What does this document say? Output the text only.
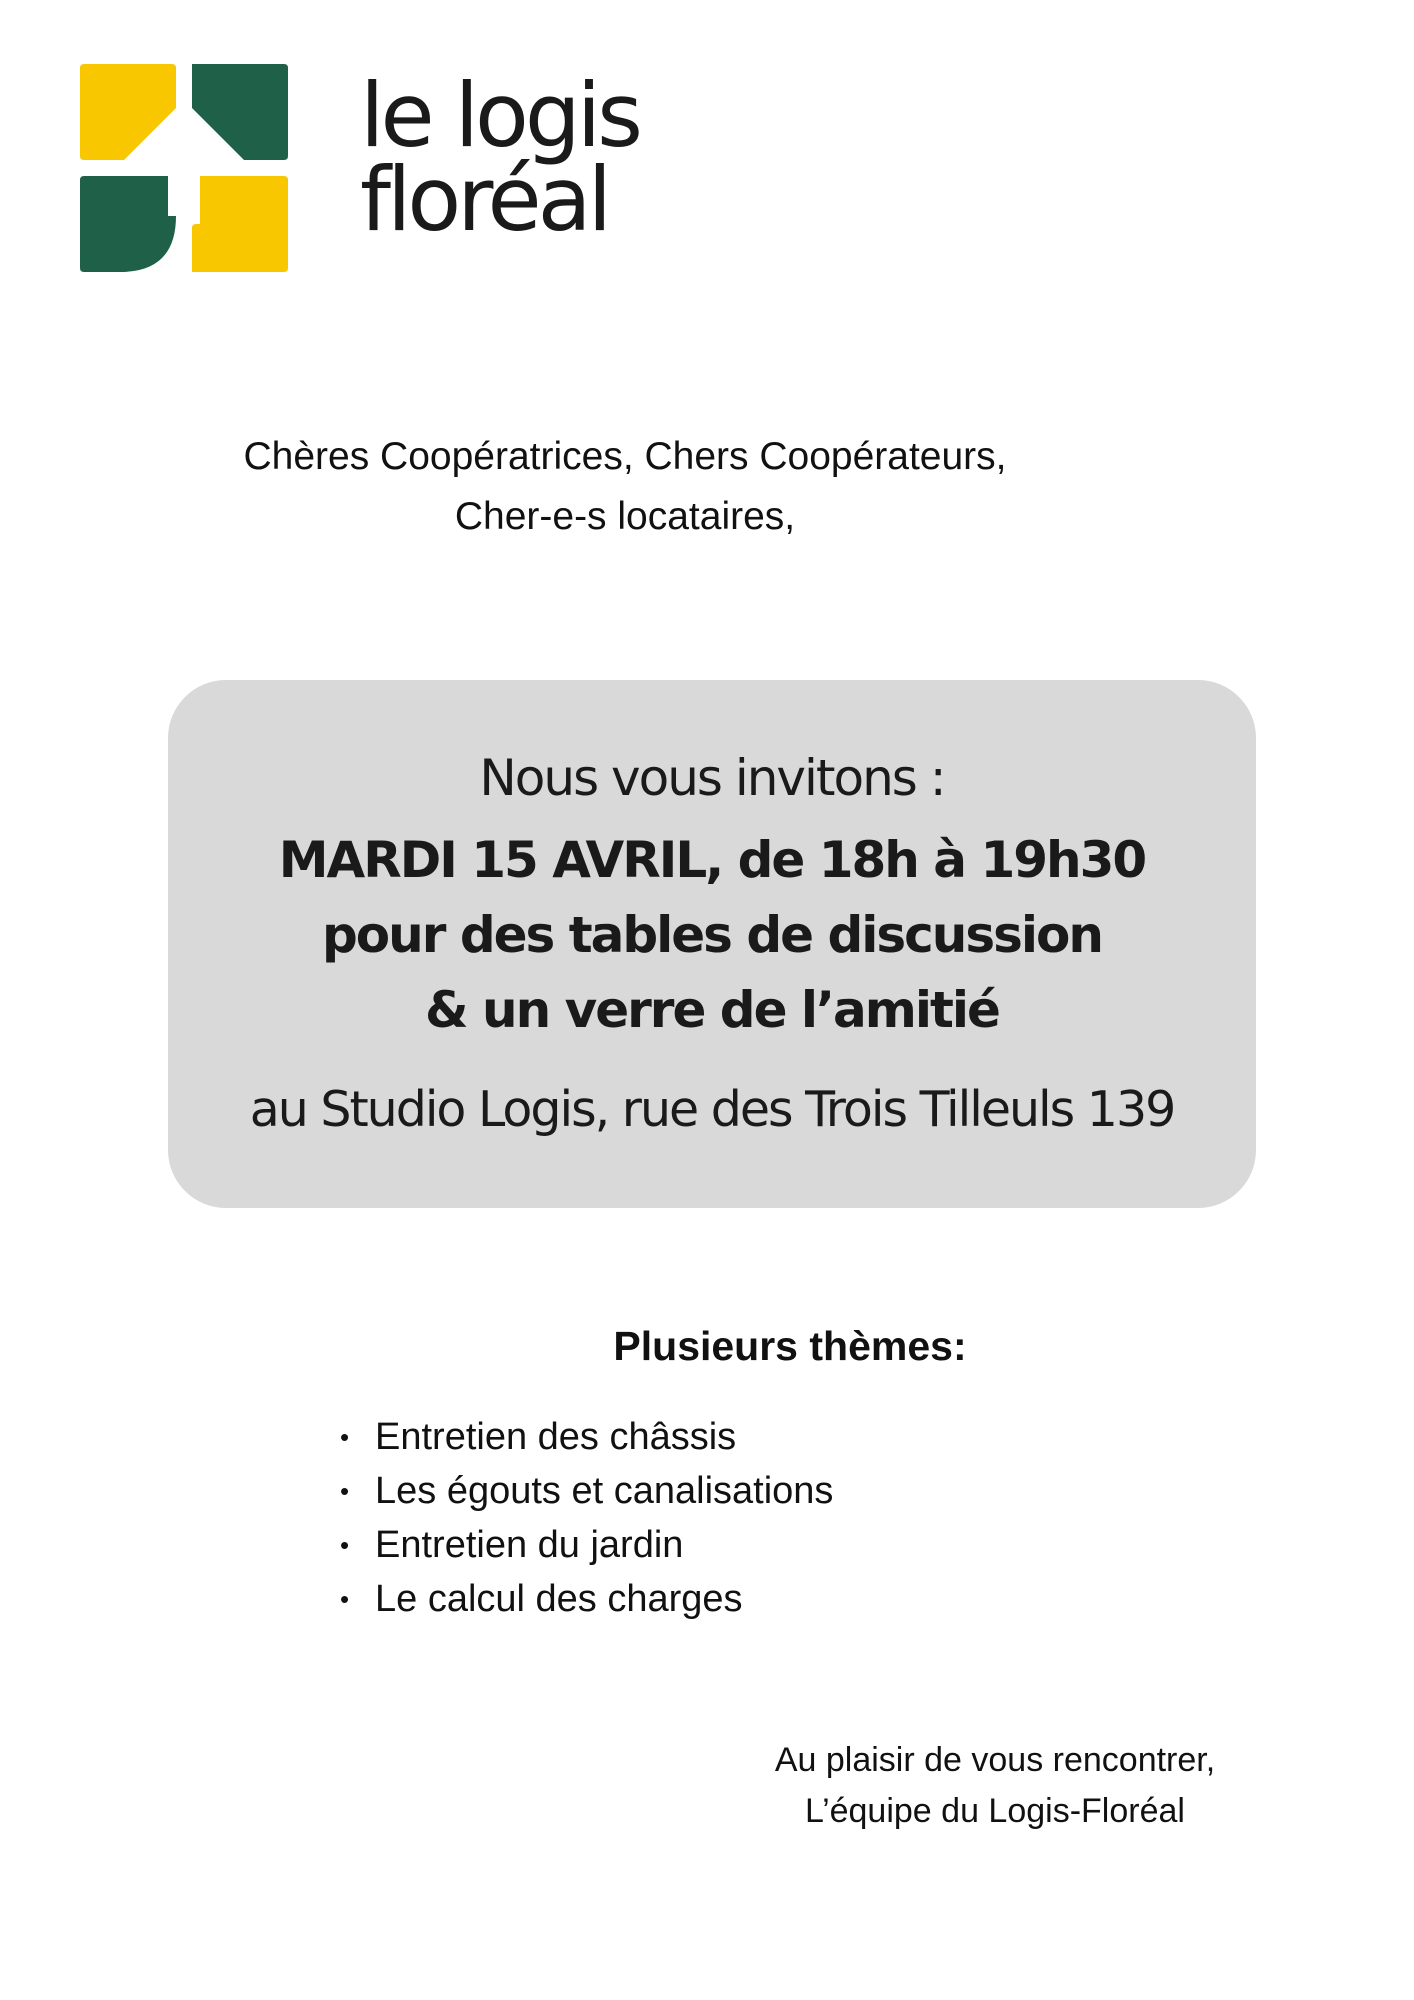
le logis
floréal
Chères Coopératrices, Chers Coopérateurs,
Cher-e-s locataires,
Nous vous invitons :
MARDI 15 AVRIL, de 18h à 19h30
pour des tables de discussion
& un verre de l’amitié
au Studio Logis, rue des Trois Tilleuls 139
Plusieurs thèmes:
• Entretien des châssis
• Les égouts et canalisations
• Entretien du jardin
• Le calcul des charges
Au plaisir de vous rencontrer,
L’équipe du Logis-Floréal
